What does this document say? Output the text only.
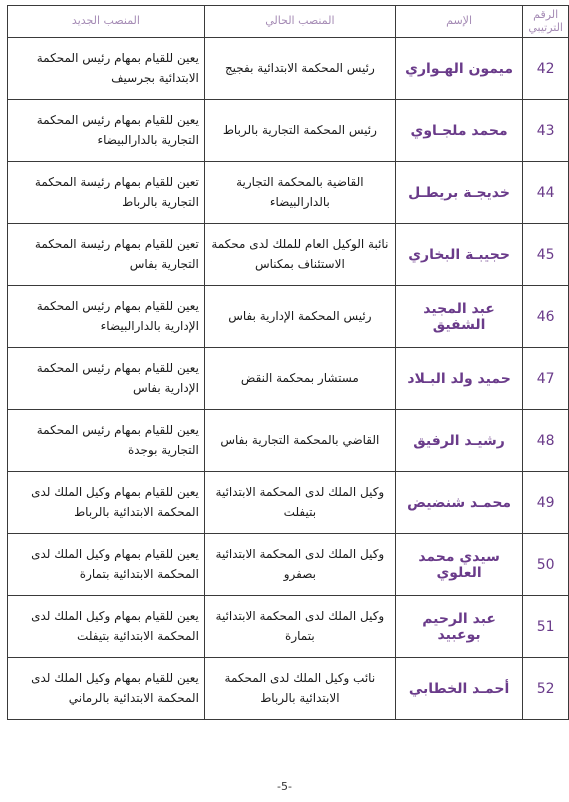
الرقم الترتيبي	الإسم	المنصب الحالي	المنصب الجديد
42	ميمون الهـواري	رئيس المحكمة الابتدائية بفجيج	يعين للقيام بمهام رئيس المحكمة الابتدائية بجرسيف
43	محمد ملجـاوي	رئيس المحكمة التجارية بالرباط	يعين للقيام بمهام رئيس المحكمة التجارية بالدارالبيضاء
44	خديجـة بريطـل	القاضية بالمحكمة التجارية بالدارالبيضاء	تعين للقيام بمهام رئيسة المحكمة التجارية بالرباط
45	حجيبـة البخاري	نائبة الوكيل العام للملك لدى محكمة الاستئناف بمكناس	تعين للقيام بمهام رئيسة المحكمة التجارية بفاس
46	عبد المجيد الشفيق	رئيس المحكمة الإدارية بفاس	يعين للقيام بمهام رئيس المحكمة الإدارية بالدارالبيضاء
47	حميد ولد البـلاد	مستشار بمحكمة النقض	يعين للقيام بمهام رئيس المحكمة الإدارية بفاس
48	رشيـد الرفيق	القاضي بالمحكمة التجارية بفاس	يعين للقيام بمهام رئيس المحكمة التجارية بوجدة
49	محمـد شنضيض	وكيل الملك لدى المحكمة الابتدائية بتيفلت	يعين للقيام بمهام وكيل الملك لدى المحكمة الابتدائية بالرباط
50	سيدي محمد العلوي	وكيل الملك لدى المحكمة الابتدائية بصفرو	يعين للقيام بمهام وكيل الملك لدى المحكمة الابتدائية بتمارة
51	عبد الرحيم بوعبيد	وكيل الملك لدى المحكمة الابتدائية بتمارة	يعين للقيام بمهام وكيل الملك لدى المحكمة الابتدائية بتيفلت
52	أحمـد الخطابي	نائب وكيل الملك لدى المحكمة الابتدائية بالرباط	يعين للقيام بمهام وكيل الملك لدى المحكمة الابتدائية بالرماني
-5-
